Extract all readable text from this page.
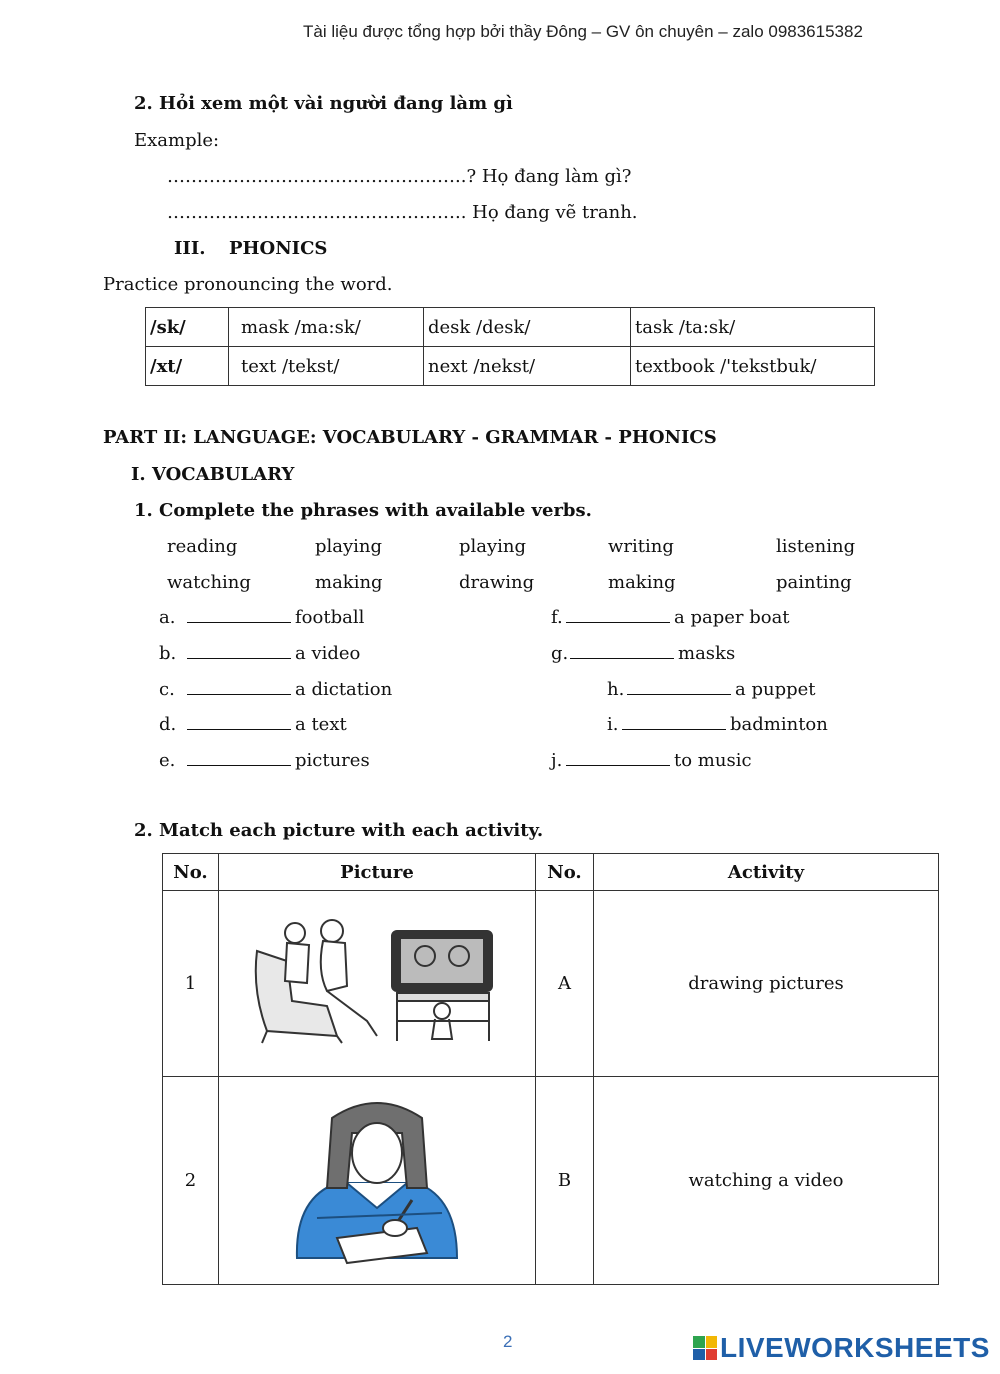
Tài liệu được tổng hợp bởi thầy Đông – GV ôn chuyên – zalo 0983615382
2. Hỏi xem một vài người đang làm gì
Example:
…………………………………………..? Họ đang làm gì?
………………………………………….. Họ đang vẽ tranh.
III. PHONICS
Practice pronouncing the word.
/sk/	mask /ma:sk/	desk /desk/	task /ta:sk/
/xt/	text /tekst/	next /nekst/	textbook /'tekstbuk/
PART II: LANGUAGE: VOCABULARY - GRAMMAR - PHONICS
I. VOCABULARY
1. Complete the phrases with available verbs.
reading	playing	playing	writing	listening
watching	making	drawing	making	painting
a.	football
b.	a video
c.	a dictation
d.	a text
e.	pictures
f.	a paper boat
g.	masks
h.	a puppet
i.	badminton
j.	to music
2. Match each picture with each activity.
No.	Picture	No.	Activity
1		A	drawing pictures
2		B	watching a video
2	LIVEWORKSHEETS
